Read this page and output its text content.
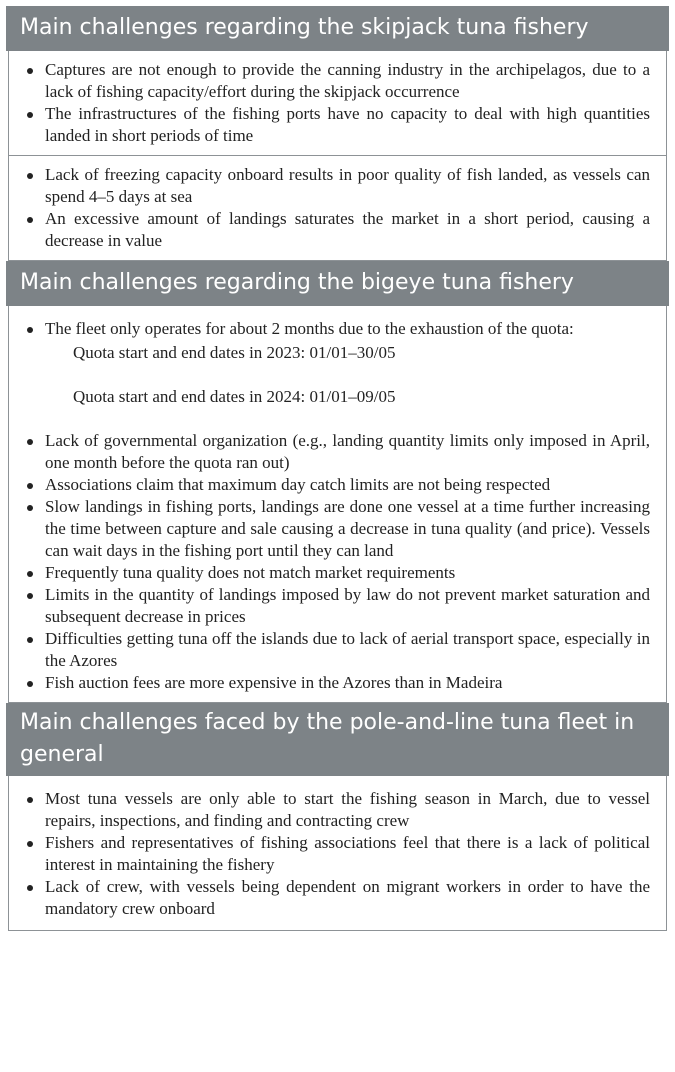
Main challenges regarding the skipjack tuna fishery
Captures are not enough to provide the canning industry in the archipelagos, due to a lack of fishing capacity/effort during the skipjack occurrence
The infrastructures of the fishing ports have no capacity to deal with high quantities landed in short periods of time
Lack of freezing capacity onboard results in poor quality of fish landed, as vessels can spend 4–5 days at sea
An excessive amount of landings saturates the market in a short period, causing a decrease in value
Main challenges regarding the bigeye tuna fishery
The fleet only operates for about 2 months due to the exhaustion of the quota:
Quota start and end dates in 2023: 01/01–30/05
Quota start and end dates in 2024: 01/01–09/05
Lack of governmental organization (e.g., landing quantity limits only imposed in April, one month before the quota ran out)
Associations claim that maximum day catch limits are not being respected
Slow landings in fishing ports, landings are done one vessel at a time further increasing the time between capture and sale causing a decrease in tuna quality (and price). Vessels can wait days in the fishing port until they can land
Frequently tuna quality does not match market requirements
Limits in the quantity of landings imposed by law do not prevent market saturation and subsequent decrease in prices
Difficulties getting tuna off the islands due to lack of aerial transport space, especially in the Azores
Fish auction fees are more expensive in the Azores than in Madeira
Main challenges faced by the pole-and-line tuna fleet in general
Most tuna vessels are only able to start the fishing season in March, due to vessel repairs, inspections, and finding and contracting crew
Fishers and representatives of fishing associations feel that there is a lack of political interest in maintaining the fishery
Lack of crew, with vessels being dependent on migrant workers in order to have the mandatory crew onboard
